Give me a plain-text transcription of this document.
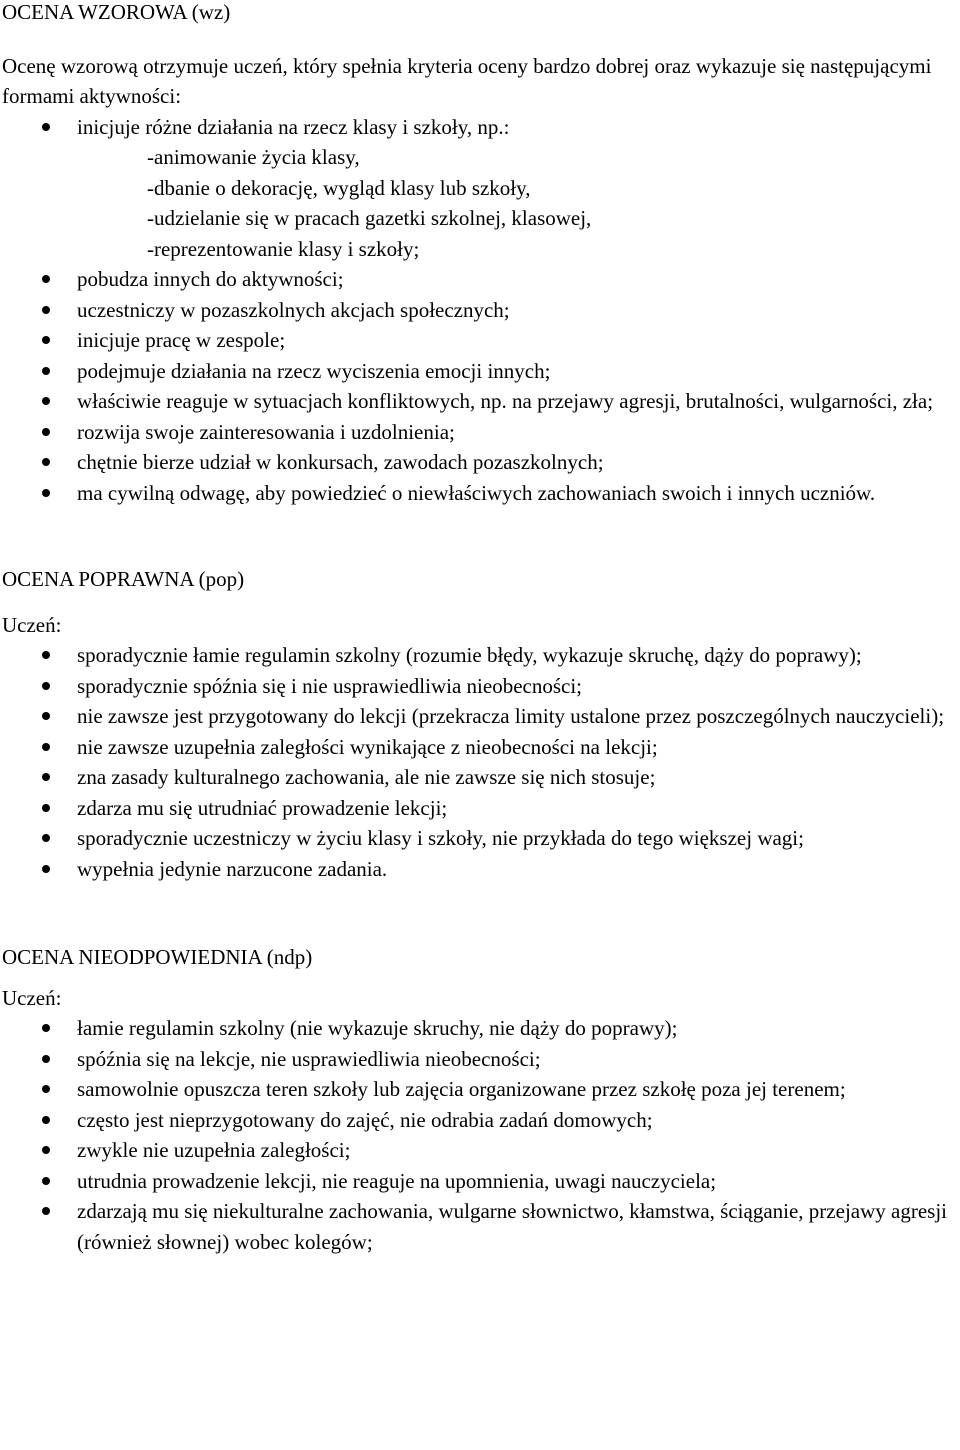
OCENA WZOROWA (wz)

Ocenę wzorową otrzymuje uczeń, który spełnia kryteria oceny bardzo dobrej oraz wykazuje się następującymi formami aktywności:

inicjuje różne działania na rzecz klasy i szkoły, np.:
-animowanie życia klasy,
-dbanie o dekorację, wygląd klasy lub szkoły,
-udzielanie się w pracach gazetki szkolnej, klasowej,
-reprezentowanie klasy i szkoły;
pobudza innych do aktywności;
uczestniczy w pozaszkolnych akcjach społecznych;
inicjuje pracę w zespole;
podejmuje działania na rzecz wyciszenia emocji innych;
właściwie reaguje w sytuacjach konfliktowych, np. na przejawy agresji, brutalności, wulgarności, zła;
rozwija swoje zainteresowania i uzdolnienia;
chętnie bierze udział w konkursach, zawodach pozaszkolnych;
ma cywilną odwagę, aby powiedzieć o niewłaściwych zachowaniach swoich i innych uczniów.
OCENA POPRAWNA (pop)

Uczeń:

sporadycznie łamie regulamin szkolny (rozumie błędy, wykazuje skruchę, dąży do poprawy);
sporadycznie spóźnia się i nie usprawiedliwia nieobecności;
nie zawsze jest przygotowany do lekcji (przekracza limity ustalone przez poszczególnych nauczycieli);
nie zawsze uzupełnia zaległości wynikające z nieobecności na lekcji;
zna zasady kulturalnego zachowania, ale nie zawsze się nich stosuje;
zdarza mu się utrudniać prowadzenie lekcji;
sporadycznie uczestniczy w życiu klasy i szkoły, nie przykłada do tego większej wagi;
wypełnia jedynie narzucone zadania.
OCENA NIEODPOWIEDNIA (ndp)

Uczeń:

łamie regulamin szkolny (nie wykazuje skruchy, nie dąży do poprawy);
spóźnia się na lekcje, nie usprawiedliwia nieobecności;
samowolnie opuszcza teren szkoły lub zajęcia organizowane przez szkołę poza jej terenem;
często jest nieprzygotowany do zajęć, nie odrabia zadań domowych;
zwykle nie uzupełnia zaległości;
utrudnia prowadzenie lekcji, nie reaguje na upomnienia, uwagi nauczyciela;
zdarzają mu się niekulturalne zachowania, wulgarne słownictwo, kłamstwa, ściąganie, przejawy agresji (również słownej) wobec kolegów;
